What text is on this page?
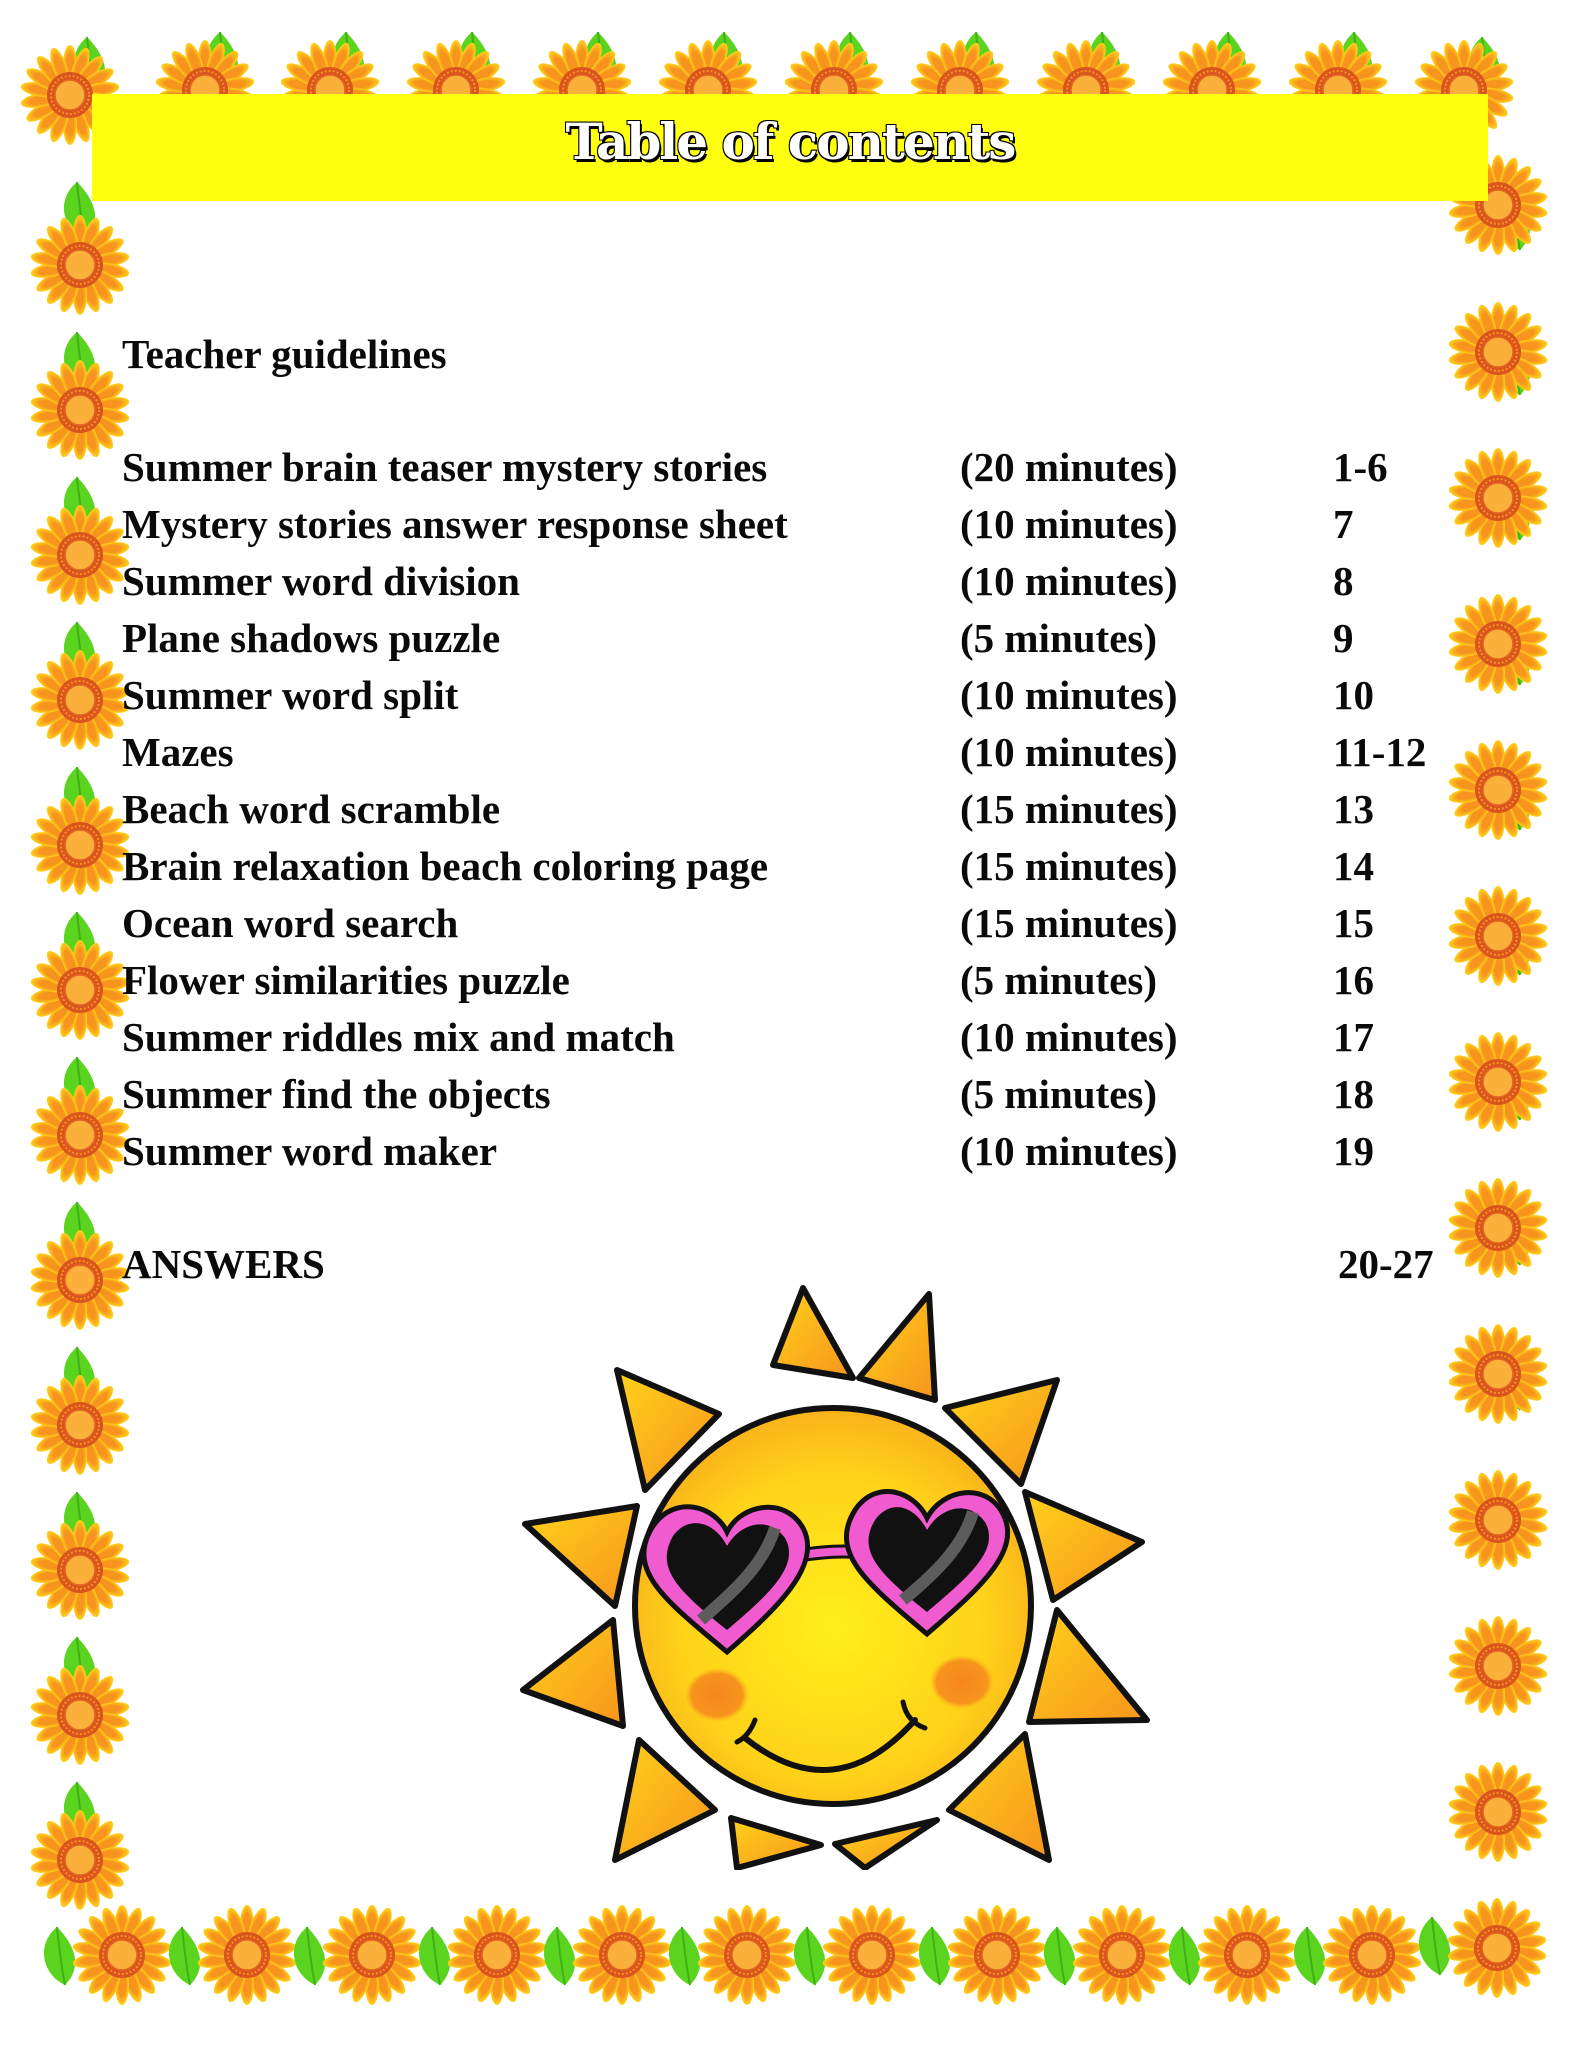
Table of contents
Teacher guidelines
Summer brain teaser mystery stories	(20 minutes)	1-6
Mystery stories answer response sheet	(10 minutes)	7
Summer word division	(10 minutes)	8
Plane shadows puzzle	(5 minutes)	9
Summer word split	(10 minutes)	10
Mazes	(10 minutes)	11-12
Beach word scramble	(15 minutes)	13
Brain relaxation beach coloring page	(15 minutes)	14
Ocean word search	(15 minutes)	15
Flower similarities puzzle	(5 minutes)	16
Summer riddles mix and match	(10 minutes)	17
Summer find the objects	(5 minutes)	18
Summer word maker	(10 minutes)	19
ANSWERS	20-27
